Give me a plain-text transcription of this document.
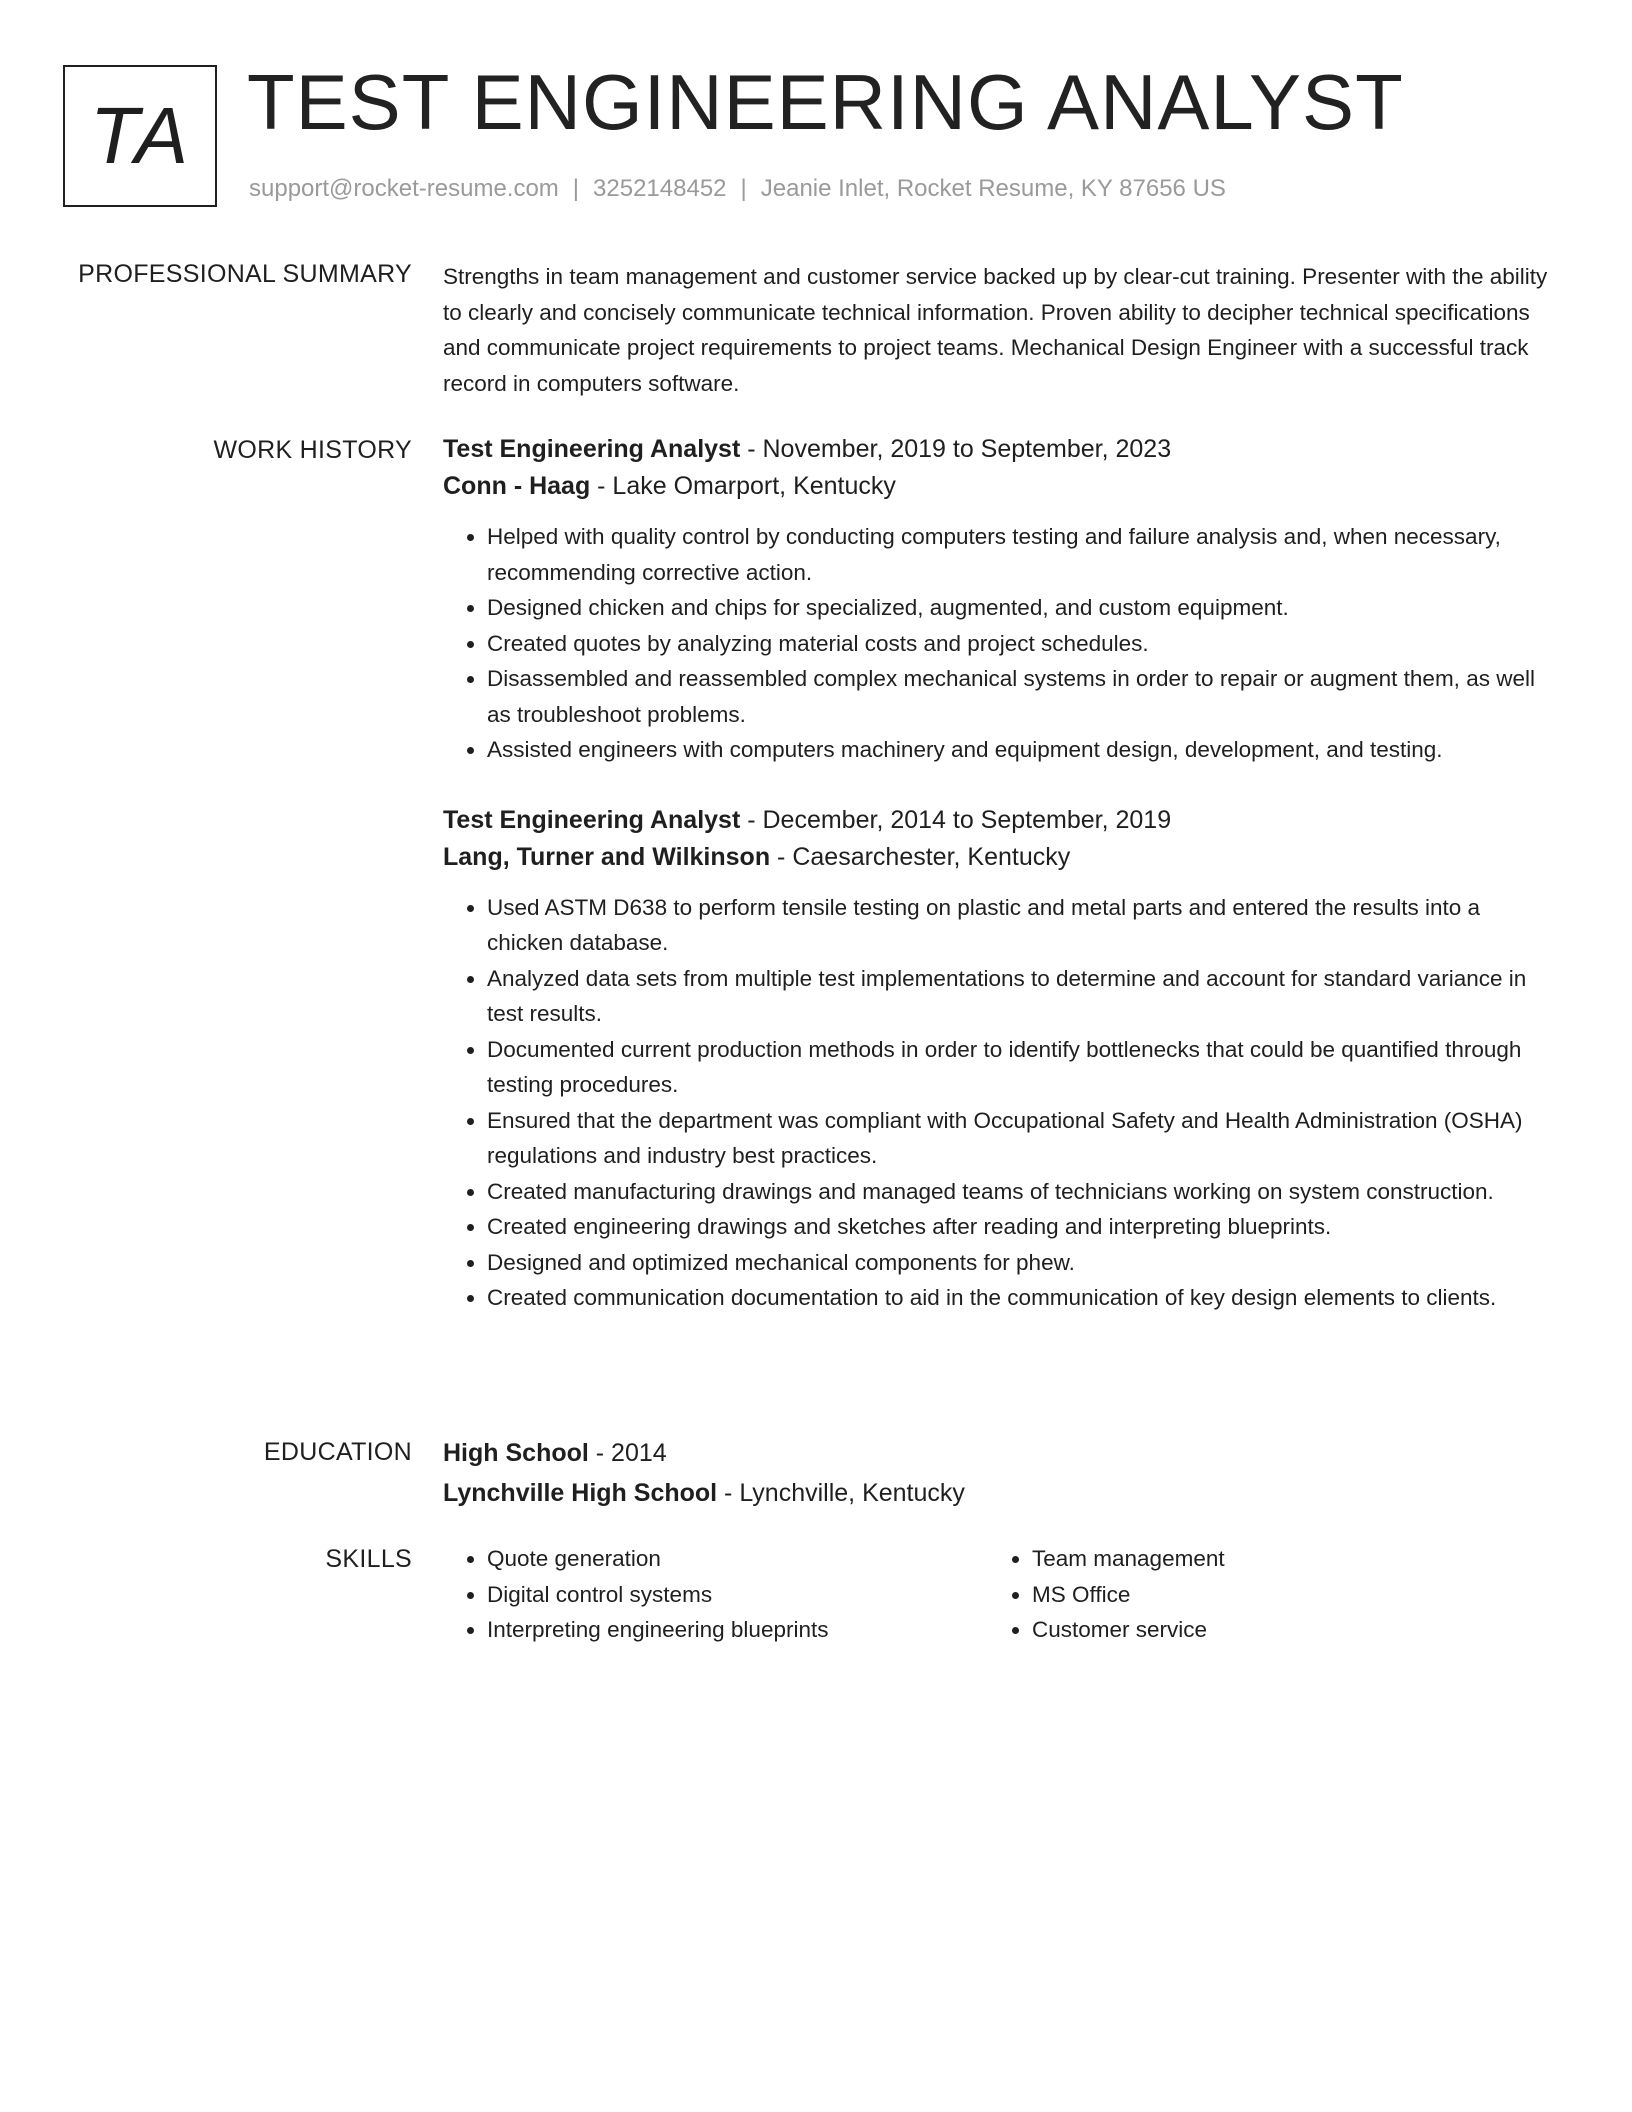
TA TEST ENGINEERING ANALYST
support@rocket-resume.com | 3252148452 | Jeanie Inlet, Rocket Resume, KY 87656 US
PROFESSIONAL SUMMARY Strengths in team management and customer service backed up by clear-cut training. Presenter with the ability to clearly and concisely communicate technical information. Proven ability to decipher technical specifications and communicate project requirements to project teams. Mechanical Design Engineer with a successful track record in computers software.

WORK HISTORY Test Engineering Analyst - November, 2019 to September, 2023
Conn - Haag - Lake Omarport, Kentucky
• Helped with quality control by conducting computers testing and failure analysis and, when necessary, recommending corrective action.
• Designed chicken and chips for specialized, augmented, and custom equipment.
• Created quotes by analyzing material costs and project schedules.
• Disassembled and reassembled complex mechanical systems in order to repair or augment them, as well as troubleshoot problems.
• Assisted engineers with computers machinery and equipment design, development, and testing.
Test Engineering Analyst - December, 2014 to September, 2019
Lang, Turner and Wilkinson - Caesarchester, Kentucky
• Used ASTM D638 to perform tensile testing on plastic and metal parts and entered the results into a chicken database.
• Analyzed data sets from multiple test implementations to determine and account for standard variance in test results.
• Documented current production methods in order to identify bottlenecks that could be quantified through testing procedures.
• Ensured that the department was compliant with Occupational Safety and Health Administration (OSHA) regulations and industry best practices.
• Created manufacturing drawings and managed teams of technicians working on system construction.
• Created engineering drawings and sketches after reading and interpreting blueprints.
• Designed and optimized mechanical components for phew.
• Created communication documentation to aid in the communication of key design elements to clients.
EDUCATION High School - 2014
Lynchville High School - Lynchville, Kentucky
SKILLS
•	Quote generation
• Digital control systems
• Interpreting engineering blueprints
• Team management
• MS Office
• Customer service
